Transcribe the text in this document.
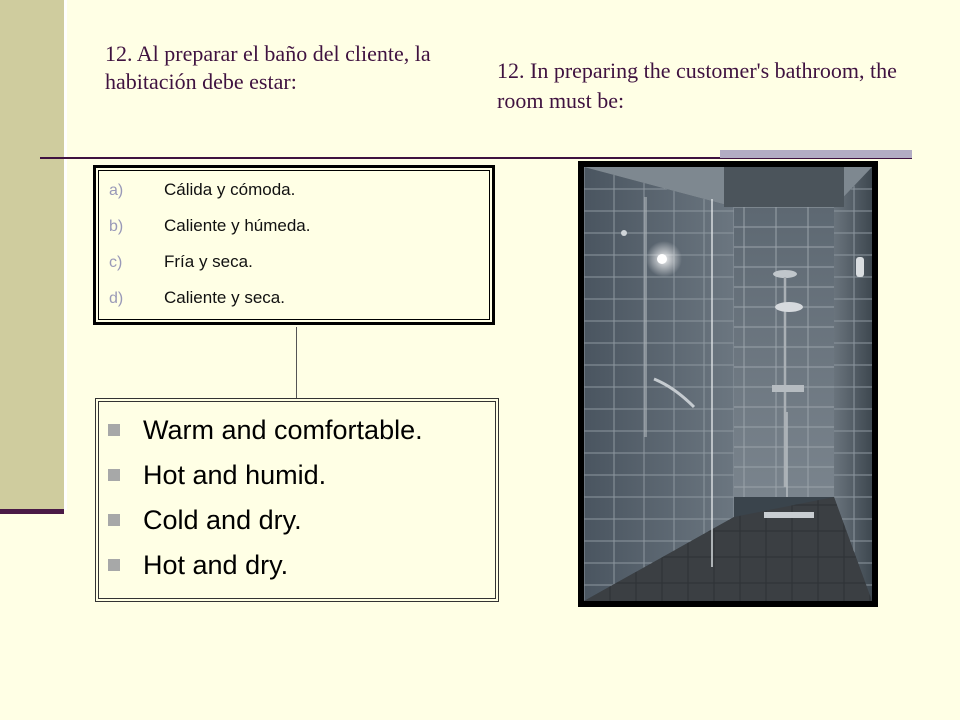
12. Al preparar el baño del cliente, la habitación debe estar:	12. In preparing the customer's bathroom, the room must be:
a) Cálida y cómoda.
b) Caliente y húmeda.
c) Fría y seca.
d) Caliente y seca.
Warm and comfortable.
Hot and humid.
Cold and dry.
Hot and dry.
